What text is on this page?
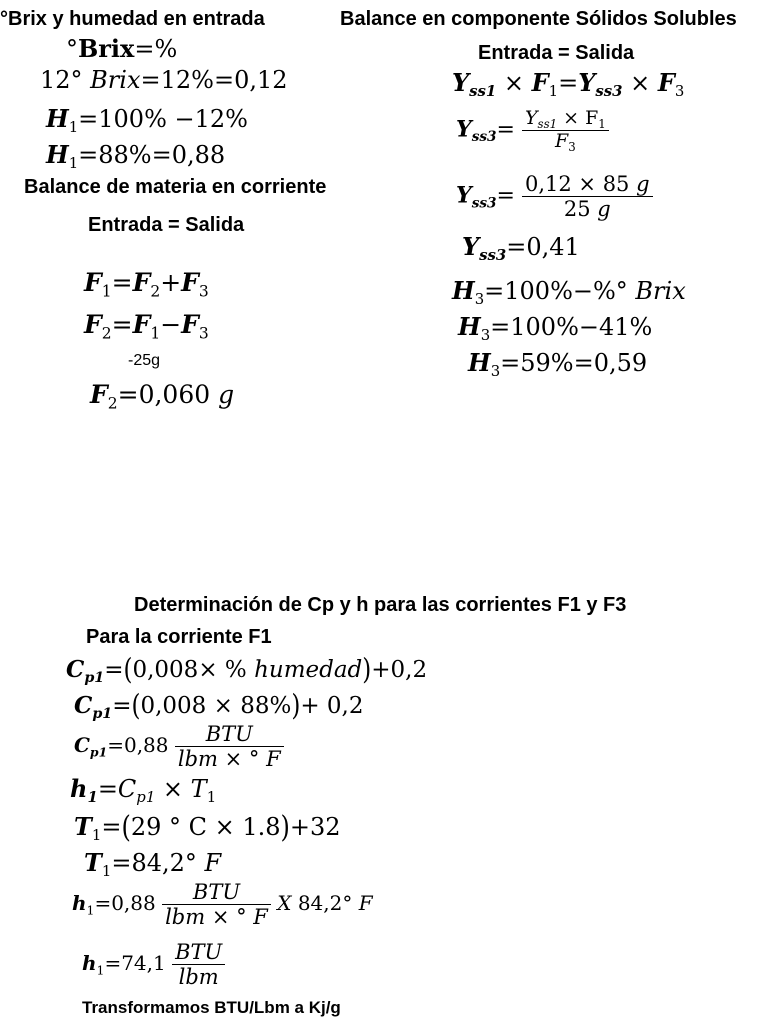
°Brix y humedad en entrada
°Brix=%
12° Brix=12%=0,12
$H_1=100\% -12\%$
$H_1=88\%=0,88$
Balance de materia en corriente
Entrada = Salida
$F_1=F_2+F_3$
$F_2=F_1-F_3$
-25g
$F_2=0,060$ g
Balance en componente Sólidos Solubles
Entrada = Salida
$Y_{ss1} \times F_1=Y_{ss3} \times F_3$
$Y_{ss3}= \frac{Y_{ss1} \times F_1}{F_3}$
$Y_{ss3}= \frac{0,12 \times 85 g}{25 g}$
$Y_{ss3}=0,41$
$H_3=100\%-\%^\circ$ Brix
$H_3=100\%-41\%$
$H_3=59\%=0,59$
Determinación de Cp y h para las corrientes F1 y F3
Para la corriente F1
$C_{p1}=(0,008\times$ % humedad)+0,2
$C_{p1}=(0,008 \times 88\%)+ 0,2$
$C_{p1}=0,88 \frac{\text{BTU}}{\text{lbm × ° F}}$
$h_1=C_{p1} \times T_1$
$T_1=(29$ ° C × 1.8)+32
$T_1=84,2^\circ$ F
$h_1=0,88 \frac{\text{BTU}}{\text{lbm × ° F}}$ X 84,2° F
$h_1=74,1 \frac{\text{BTU}}{\text{lbm}}$
Transformamos BTU/Lbm a Kj/g
